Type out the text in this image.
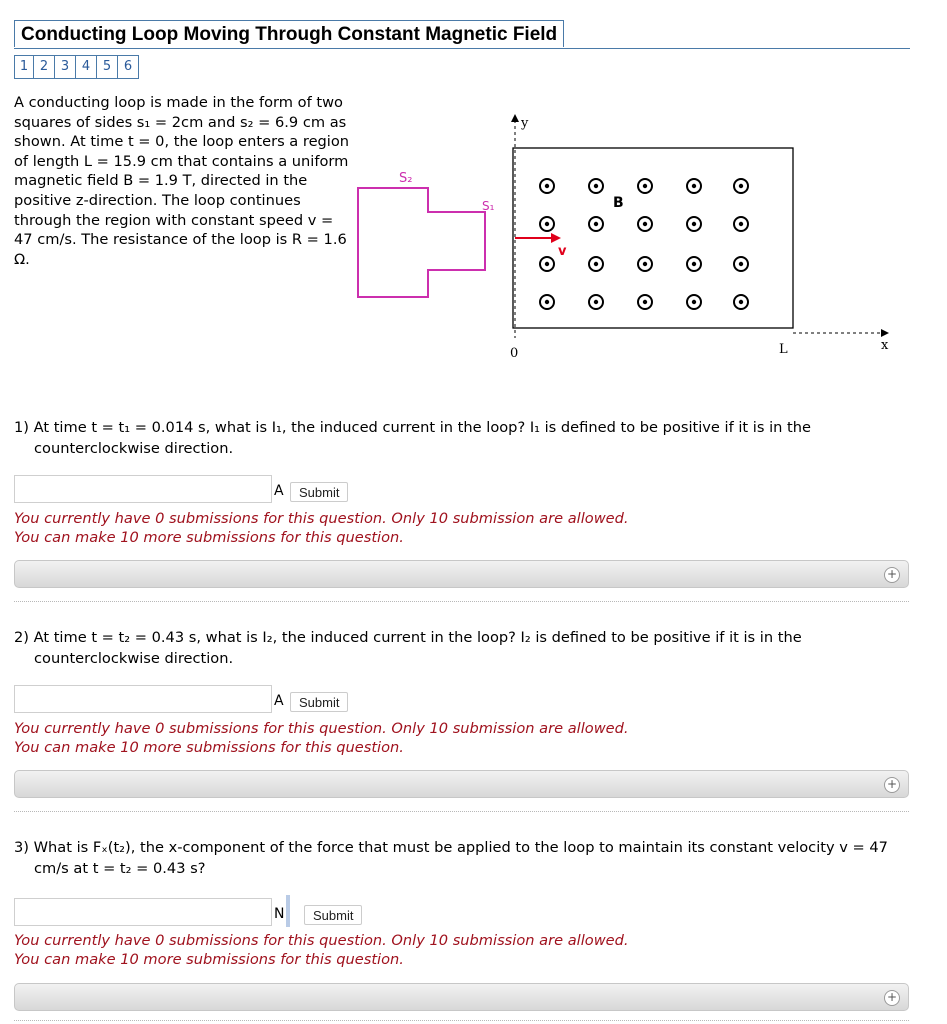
Conducting Loop Moving Through Constant Magnetic Field
1 2 3 4 5 6
A conducting loop is made in the form of two squares of sides s₁ = 2cm and s₂ = 6.9 cm as shown. At time t = 0, the loop enters a region of length L = 15.9 cm that contains a uniform magnetic field B = 1.9 T, directed in the positive z-direction. The loop continues through the region with constant speed v = 47 cm/s. The resistance of the loop is R = 1.6 Ω.
y
x
0	L
S₂
S₁
v
B
1) At time t = t₁ = 0.014 s, what is I₁, the induced current in the loop? I₁ is defined to be positive if it is in the
counterclockwise direction.
A	Submit
You currently have 0 submissions for this question. Only 10 submission are allowed.
You can make 10 more submissions for this question.
+
2) At time t = t₂ = 0.43 s, what is I₂, the induced current in the loop? I₂ is defined to be positive if it is in the
counterclockwise direction.
A	Submit
You currently have 0 submissions for this question. Only 10 submission are allowed.
You can make 10 more submissions for this question.
+
3) What is Fₓ(t₂), the x-component of the force that must be applied to the loop to maintain its constant velocity v = 47
cm/s at t = t₂ = 0.43 s?
N	Submit
You currently have 0 submissions for this question. Only 10 submission are allowed.
You can make 10 more submissions for this question.
+
